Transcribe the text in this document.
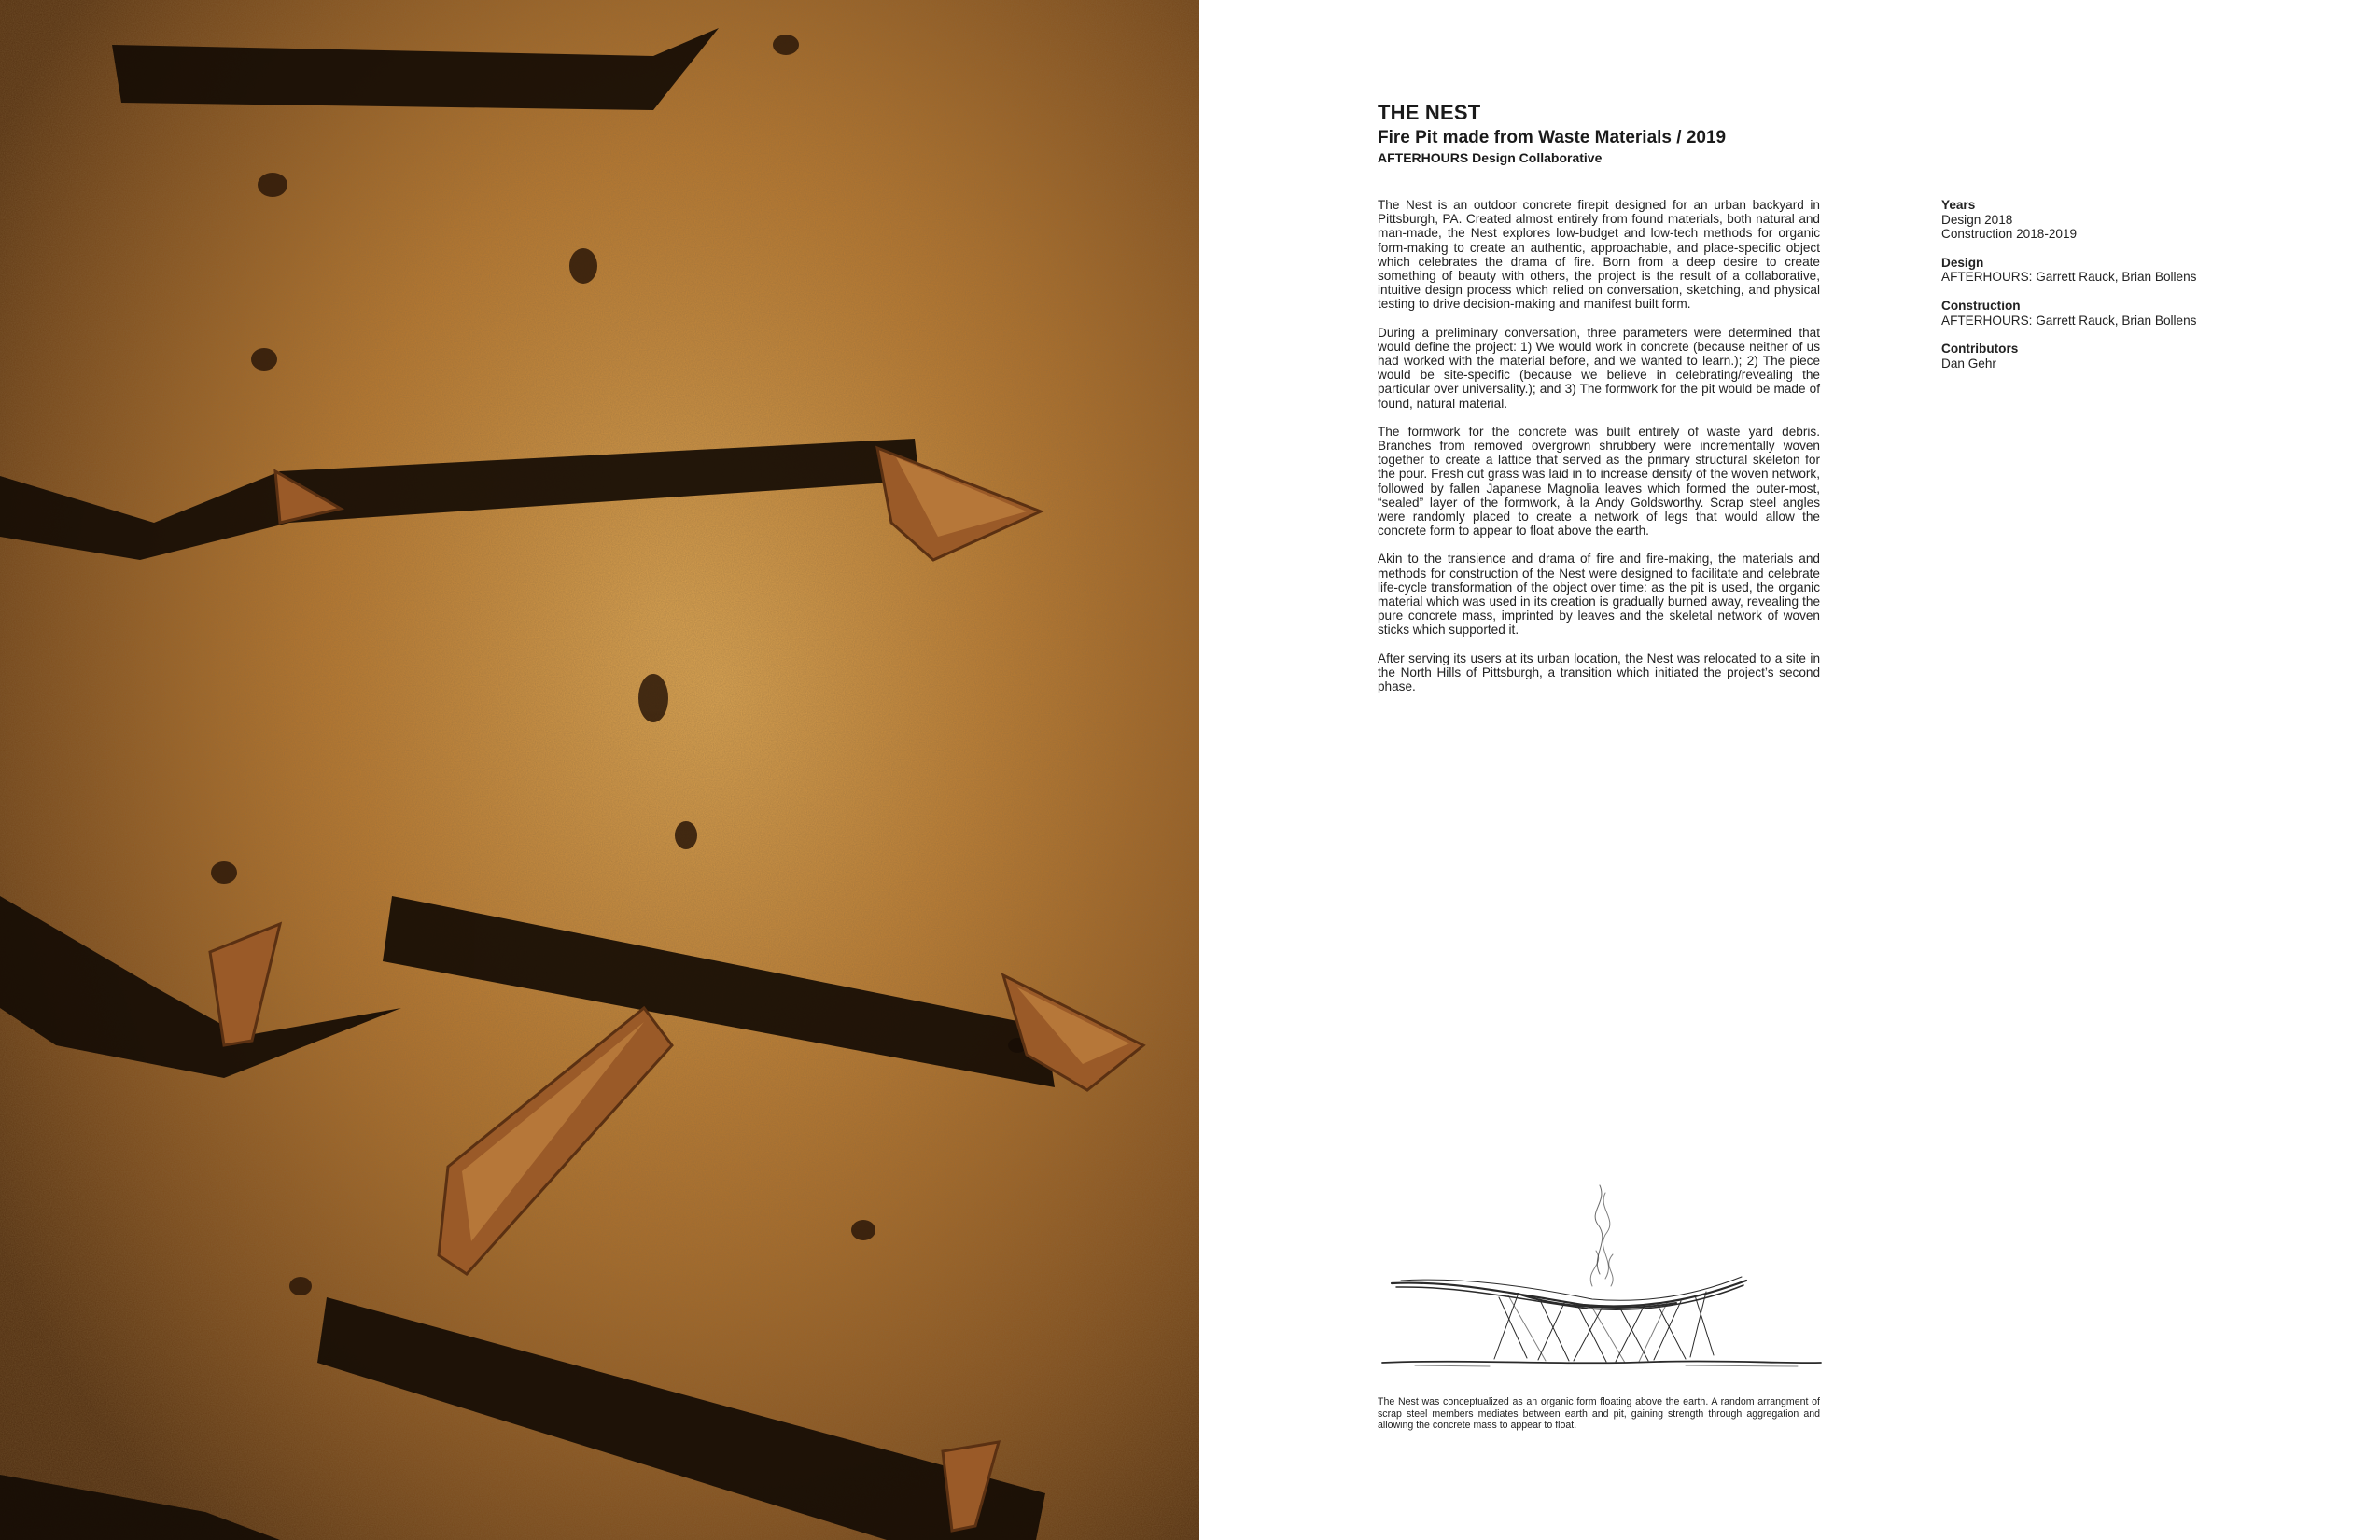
THE NEST
Fire Pit made from Waste Materials / 2019
AFTERHOURS Design Collaborative

The Nest is an outdoor concrete firepit designed for an urban backyard in Pittsburgh, PA. Created almost entirely from found materials, both natural and man-made, the Nest explores low-budget and low-tech methods for organic form-making to create an authentic, approachable, and place-specific object which celebrates the drama of fire. Born from a deep desire to create something of beauty with others, the project is the result of a collaborative, intuitive design process which relied on conversation, sketching, and physical testing to drive decision-making and manifest built form.

During a preliminary conversation, three parameters were determined that would define the project: 1) We would work in concrete (because neither of us had worked with the material before, and we wanted to learn.); 2) The piece would be site-specific (because we believe in celebrating/revealing the particular over universality.); and 3) The formwork for the pit would be made of found, natural material.

The formwork for the concrete was built entirely of waste yard debris. Branches from removed overgrown shrubbery were incrementally woven together to create a lattice that served as the primary structural skeleton for the pour. Fresh cut grass was laid in to increase density of the woven network, followed by fallen Japanese Magnolia leaves which formed the outer-most, “sealed” layer of the formwork, à la Andy Goldsworthy. Scrap steel angles were randomly placed to create a network of legs that would allow the concrete form to appear to float above the earth.

Akin to the transience and drama of fire and fire-making, the materials and methods for construction of the Nest were designed to facilitate and celebrate life-cycle transformation of the object over time: as the pit is used, the organic material which was used in its creation is gradually burned away, revealing the pure concrete mass, imprinted by leaves and the skeletal network of woven sticks which supported it.

After serving its users at its urban location, the Nest was relocated to a site in the North Hills of Pittsburgh, a transition which initiated the project’s second phase.

Years
Design 2018
Construction 2018-2019
Design
AFTERHOURS: Garrett Rauck, Brian Bollens
Construction
AFTERHOURS: Garrett Rauck, Brian Bollens
Contributors
Dan Gehr
The Nest was conceptualized as an organic form floating above the earth. A random arrangment of scrap steel members mediates between earth and pit, gaining strength through aggregation and allowing the concrete mass to appear to float.
